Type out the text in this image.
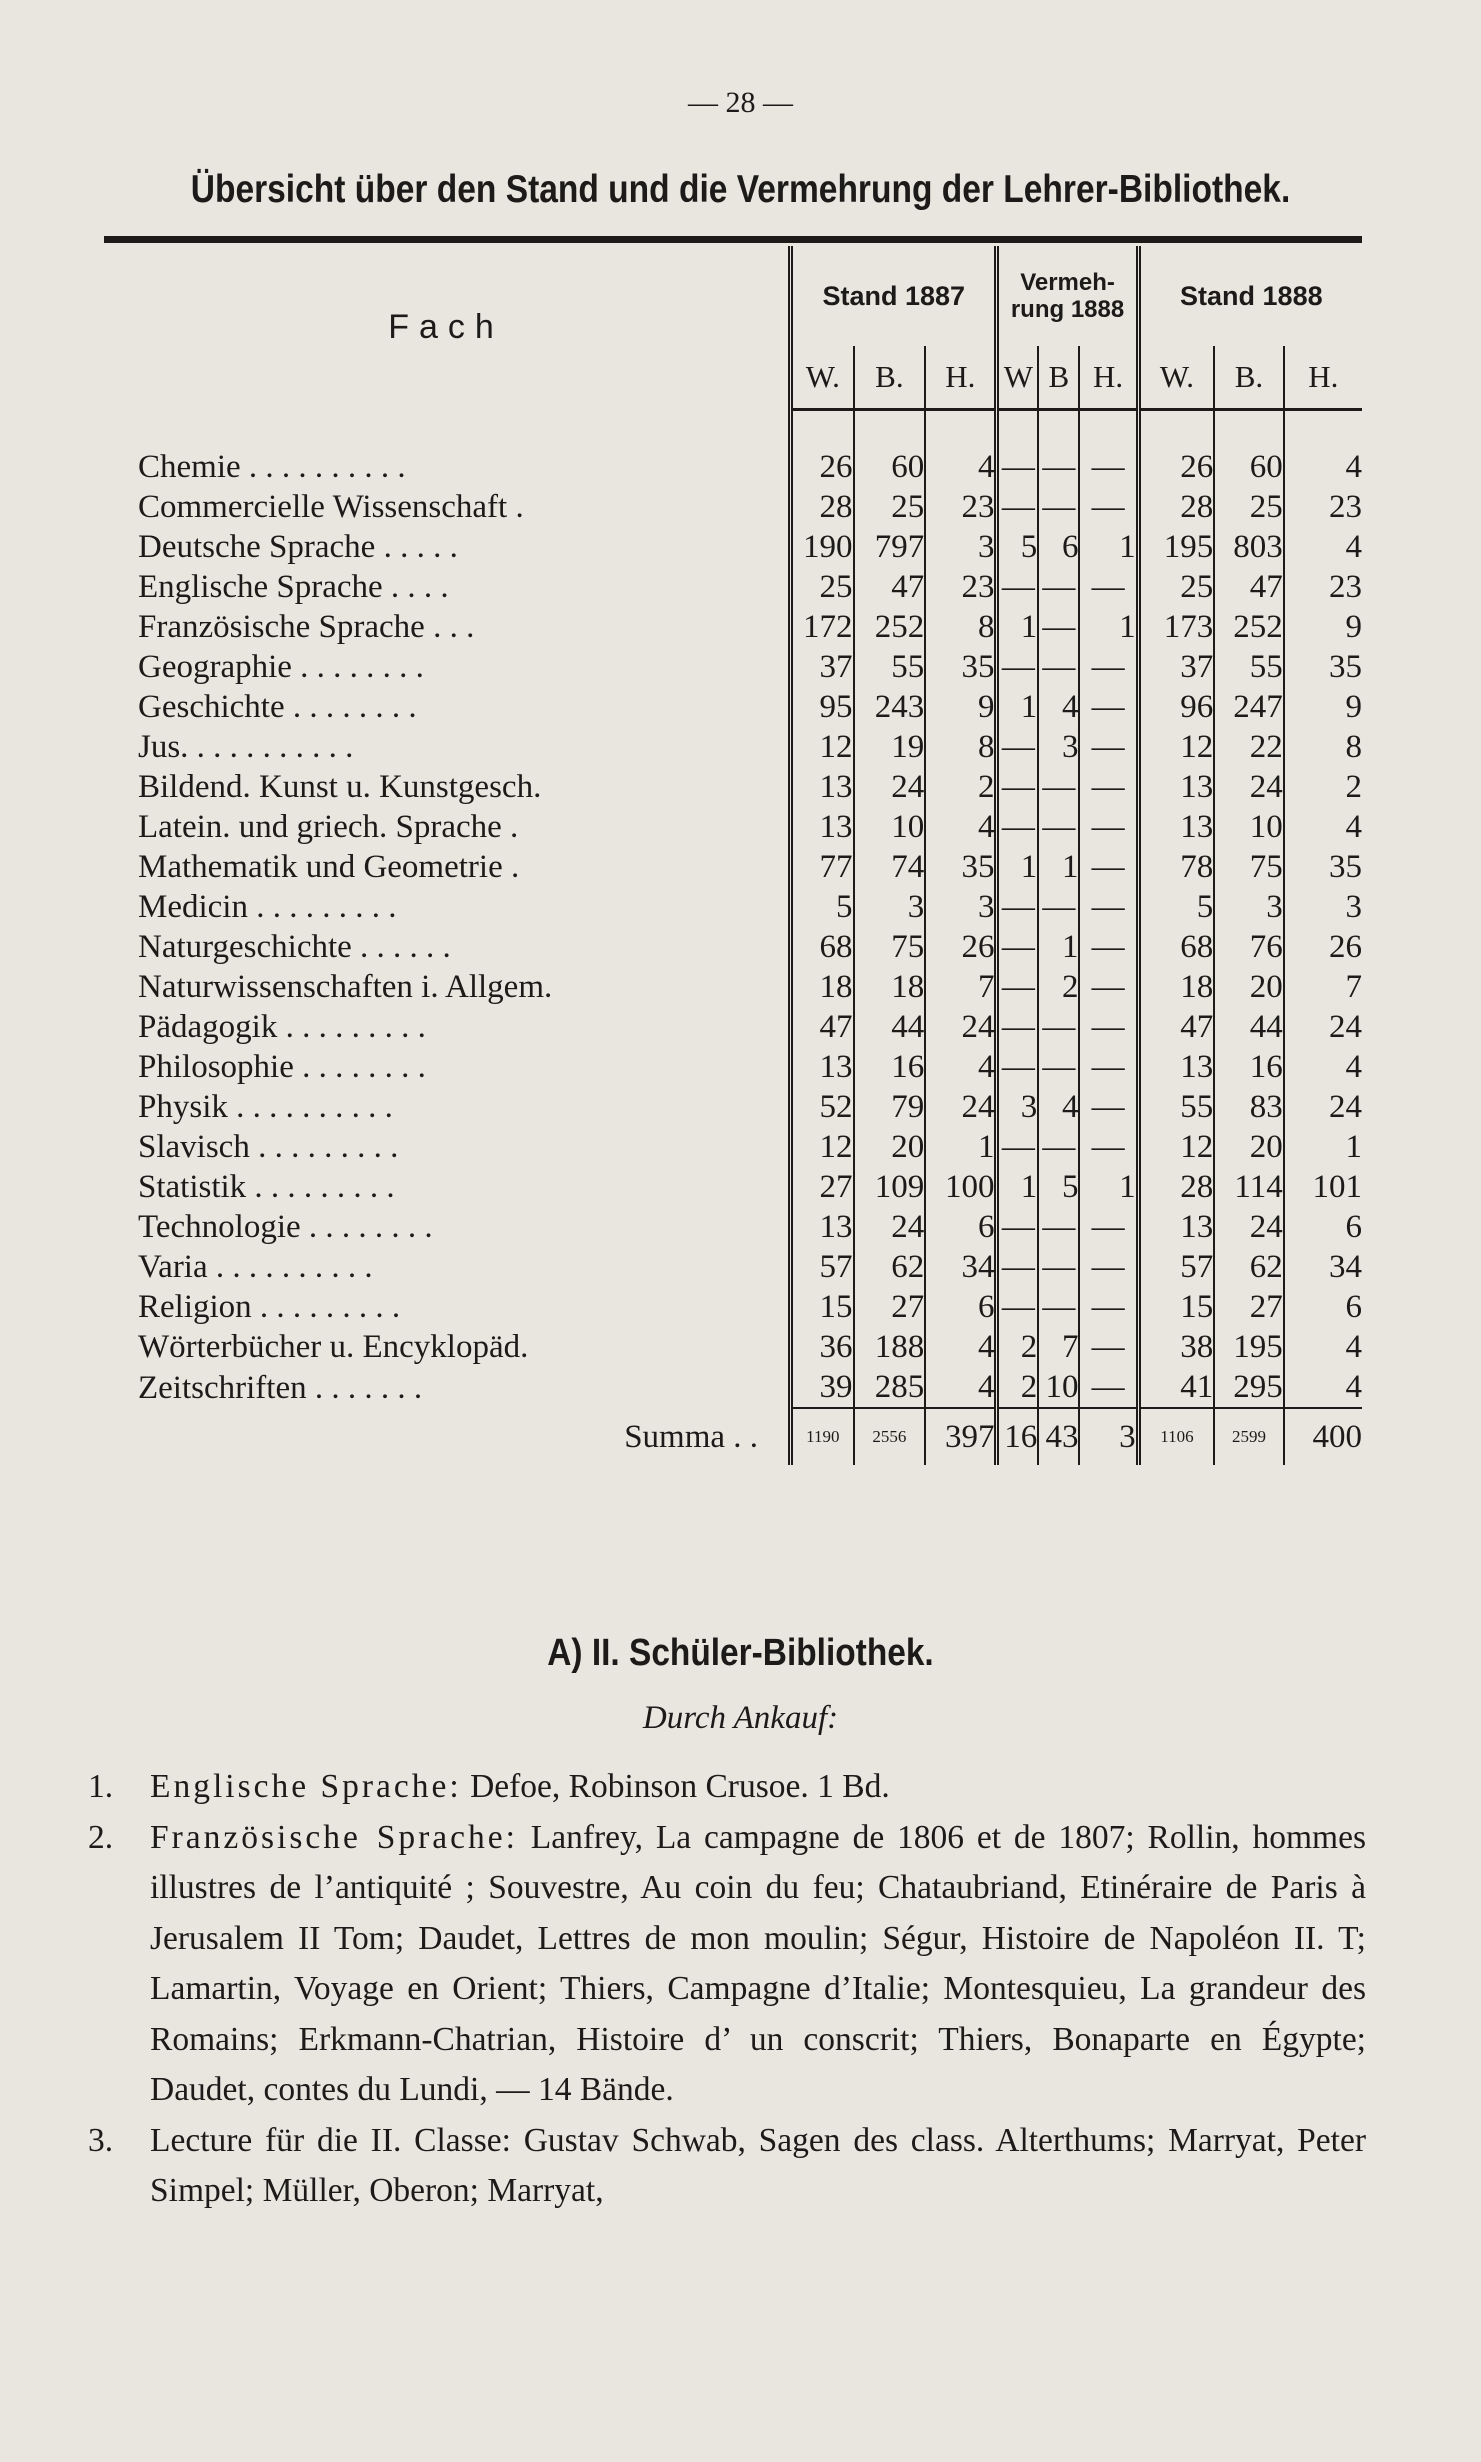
— 28 —
Übersicht über den Stand und die Vermehrung der Lehrer-Bibliothek.
Fach	Stand 1887			Vermeh-
rung 1888			Stand 1888		
	W.	B.	H.	W	B	H.	W.	B.	H.

Chemie . . . . . . . . . .	26	60	4	—	—	—	26	60	4
Commercielle Wissenschaft .	28	25	23	—	—	—	28	25	23
Deutsche Sprache . . . . .	190	797	3	5	6	1	195	803	4
Englische Sprache . . . .	25	47	23	—	—	—	25	47	23
Französische Sprache . . .	172	252	8	1	—	1	173	252	9
Geographie . . . . . . . .	37	55	35	—	—	—	37	55	35
Geschichte . . . . . . . .	95	243	9	1	4	—	96	247	9
Jus. . . . . . . . . . .	12	19	8	—	3	—	12	22	8
Bildend. Kunst u. Kunstgesch.	13	24	2	—	—	—	13	24	2
Latein. und griech. Sprache .	13	10	4	—	—	—	13	10	4
Mathematik und Geometrie .	77	74	35	1	1	—	78	75	35
Medicin . . . . . . . . .	5	3	3	—	—	—	5	3	3
Naturgeschichte . . . . . .	68	75	26	—	1	—	68	76	26
Naturwissenschaften i. Allgem.	18	18	7	—	2	—	18	20	7
Pädagogik . . . . . . . . .	47	44	24	—	—	—	47	44	24
Philosophie . . . . . . . .	13	16	4	—	—	—	13	16	4
Physik . . . . . . . . . .	52	79	24	3	4	—	55	83	24
Slavisch . . . . . . . . .	12	20	1	—	—	—	12	20	1
Statistik . . . . . . . . .	27	109	100	1	5	1	28	114	101
Technologie . . . . . . . .	13	24	6	—	—	—	13	24	6
Varia . . . . . . . . . .	57	62	34	—	—	—	57	62	34
Religion . . . . . . . . .	15	27	6	—	—	—	15	27	6
Wörterbücher u. Encyklopäd.	36	188	4	2	7	—	38	195	4
Zeitschriften . . . . . . .	39	285	4	2	10	—	41	295	4
Summa . .	1190	2556	397	16	43	3	1106	2599	400
A) II. Schüler-Bibliothek.
Durch Ankauf:
1. Englische Sprache: Defoe, Robinson Crusoe. 1 Bd.
2. Französische Sprache: Lanfrey, La campagne de 1806 et de 1807; Rollin, hommes illustres de l’antiquité ; Souvestre, Au coin du feu; Chataubriand, Etinéraire de Paris à Jerusalem II Tom; Daudet, Lettres de mon moulin; Ségur, Histoire de Napoléon II. T; Lamartin, Voyage en Orient; Thiers, Campagne d’Italie; Montesquieu, La grandeur des Romains; Erkmann-Chatrian, Histoire d’ un conscrit; Thiers, Bonaparte en Égypte; Daudet, contes du Lundi, — 14 Bände.
3. Lecture für die II. Classe: Gustav Schwab, Sagen des class. Alterthums; Marryat, Peter Simpel; Müller, Oberon; Marryat,
